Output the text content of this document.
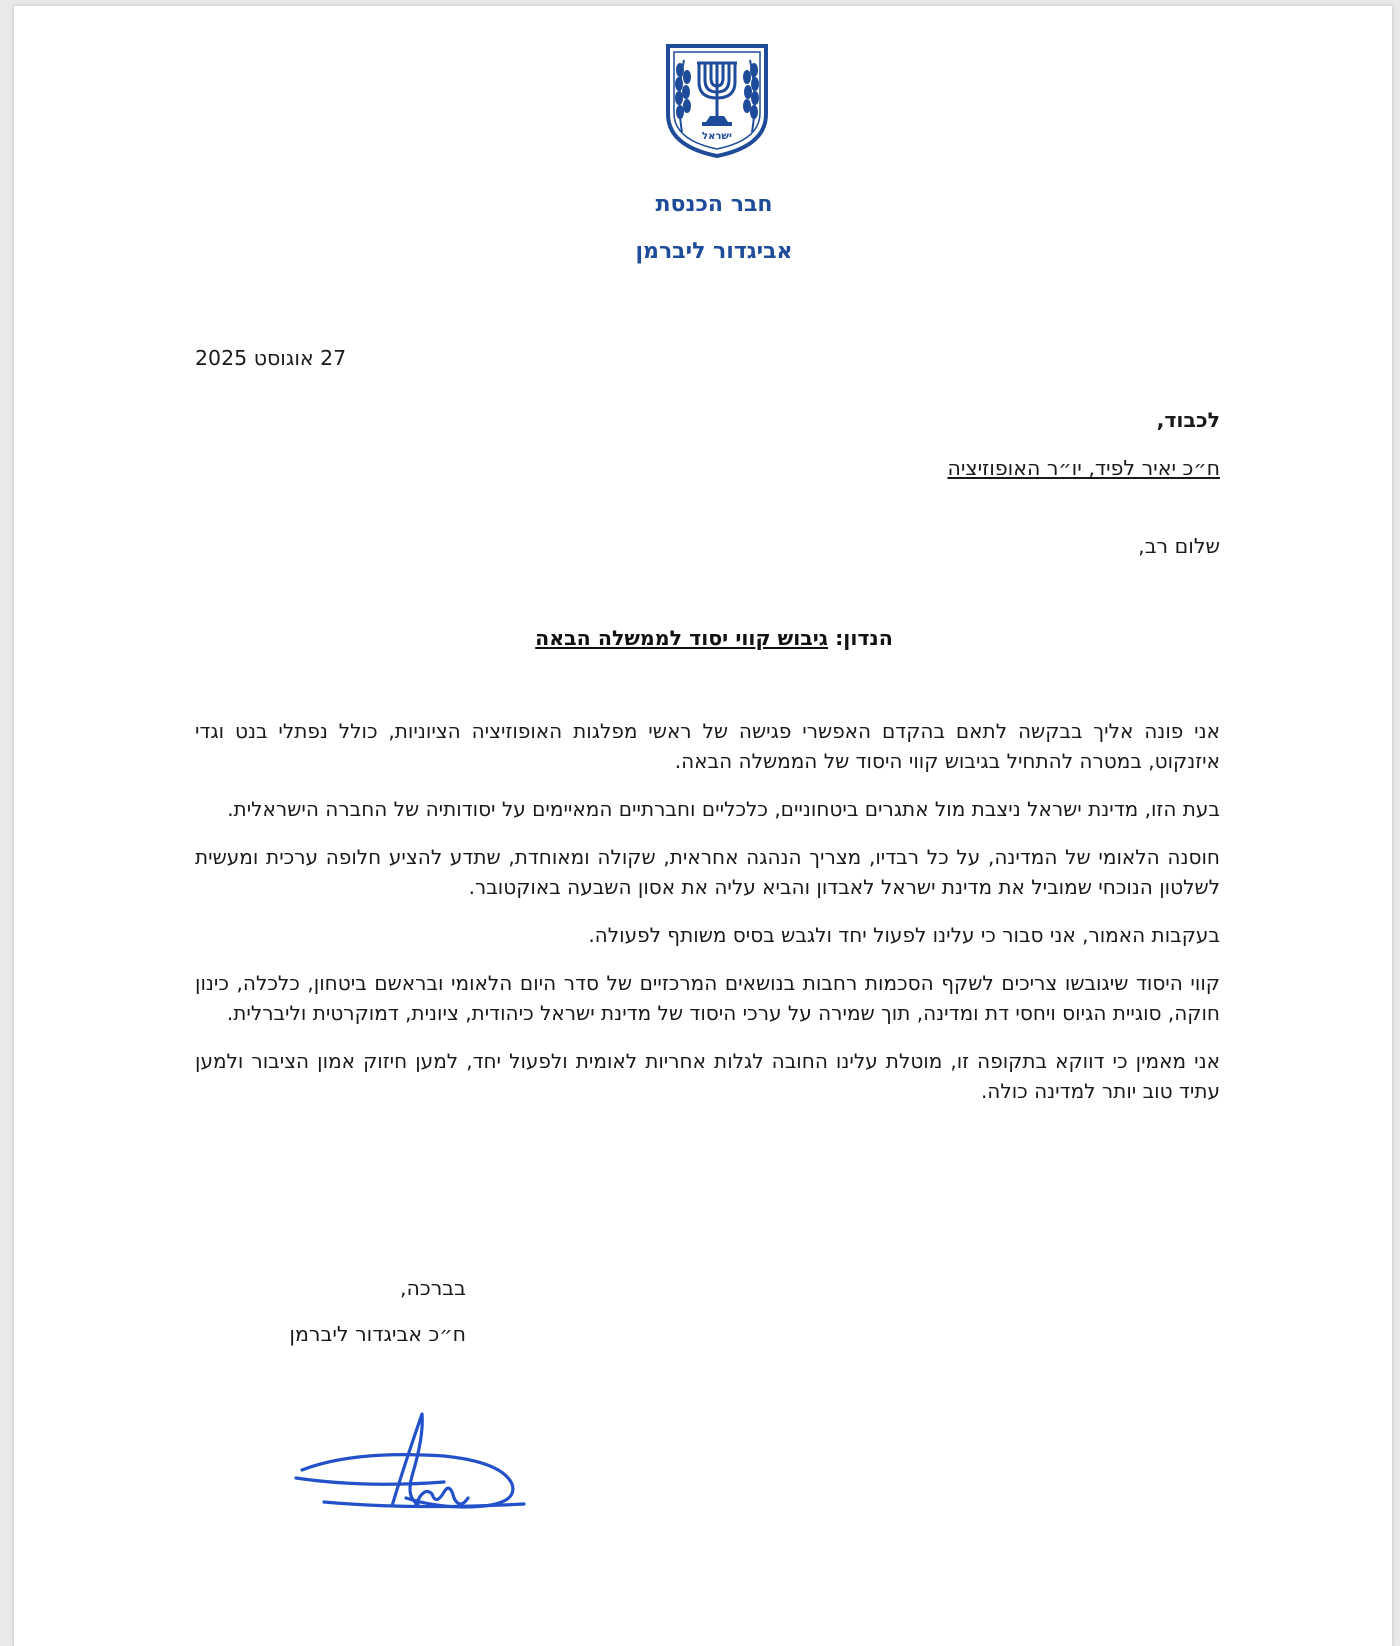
ישראל
חבר הכנסת
אביגדור ליברמן
27 אוגוסט 2025
לכבוד,
ח״כ יאיר לפיד, יו״ר האופוזיציה
שלום רב,
הנדון: גיבוש קווי יסוד לממשלה הבאה

אני פונה אליך בבקשה לתאם בהקדם האפשרי פגישה של ראשי מפלגות האופוזיציה הציוניות, כולל נפתלי בנט וגדי איזנקוט, במטרה להתחיל בגיבוש קווי היסוד של הממשלה הבאה.

בעת הזו, מדינת ישראל ניצבת מול אתגרים ביטחוניים, כלכליים וחברתיים המאיימים על יסודותיה של החברה הישראלית.

חוסנה הלאומי של המדינה, על כל רבדיו, מצריך הנהגה אחראית, שקולה ומאוחדת, שתדע להציע חלופה ערכית ומעשית לשלטון הנוכחי שמוביל את מדינת ישראל לאבדון והביא עליה את אסון השבעה באוקטובר.

בעקבות האמור, אני סבור כי עלינו לפעול יחד ולגבש בסיס משותף לפעולה.

קווי היסוד שיגובשו צריכים לשקף הסכמות רחבות בנושאים המרכזיים של סדר היום הלאומי ובראשם ביטחון, כלכלה, כינון חוקה, סוגיית הגיוס ויחסי דת ומדינה, תוך שמירה על ערכי היסוד של מדינת ישראל כיהודית, ציונית, דמוקרטית וליברלית.

אני מאמין כי דווקא בתקופה זו, מוטלת עלינו החובה לגלות אחריות לאומית ולפעול יחד, למען חיזוק אמון הציבור ולמען עתיד טוב יותר למדינה כולה.

בברכה,
ח״כ אביגדור ליברמן
